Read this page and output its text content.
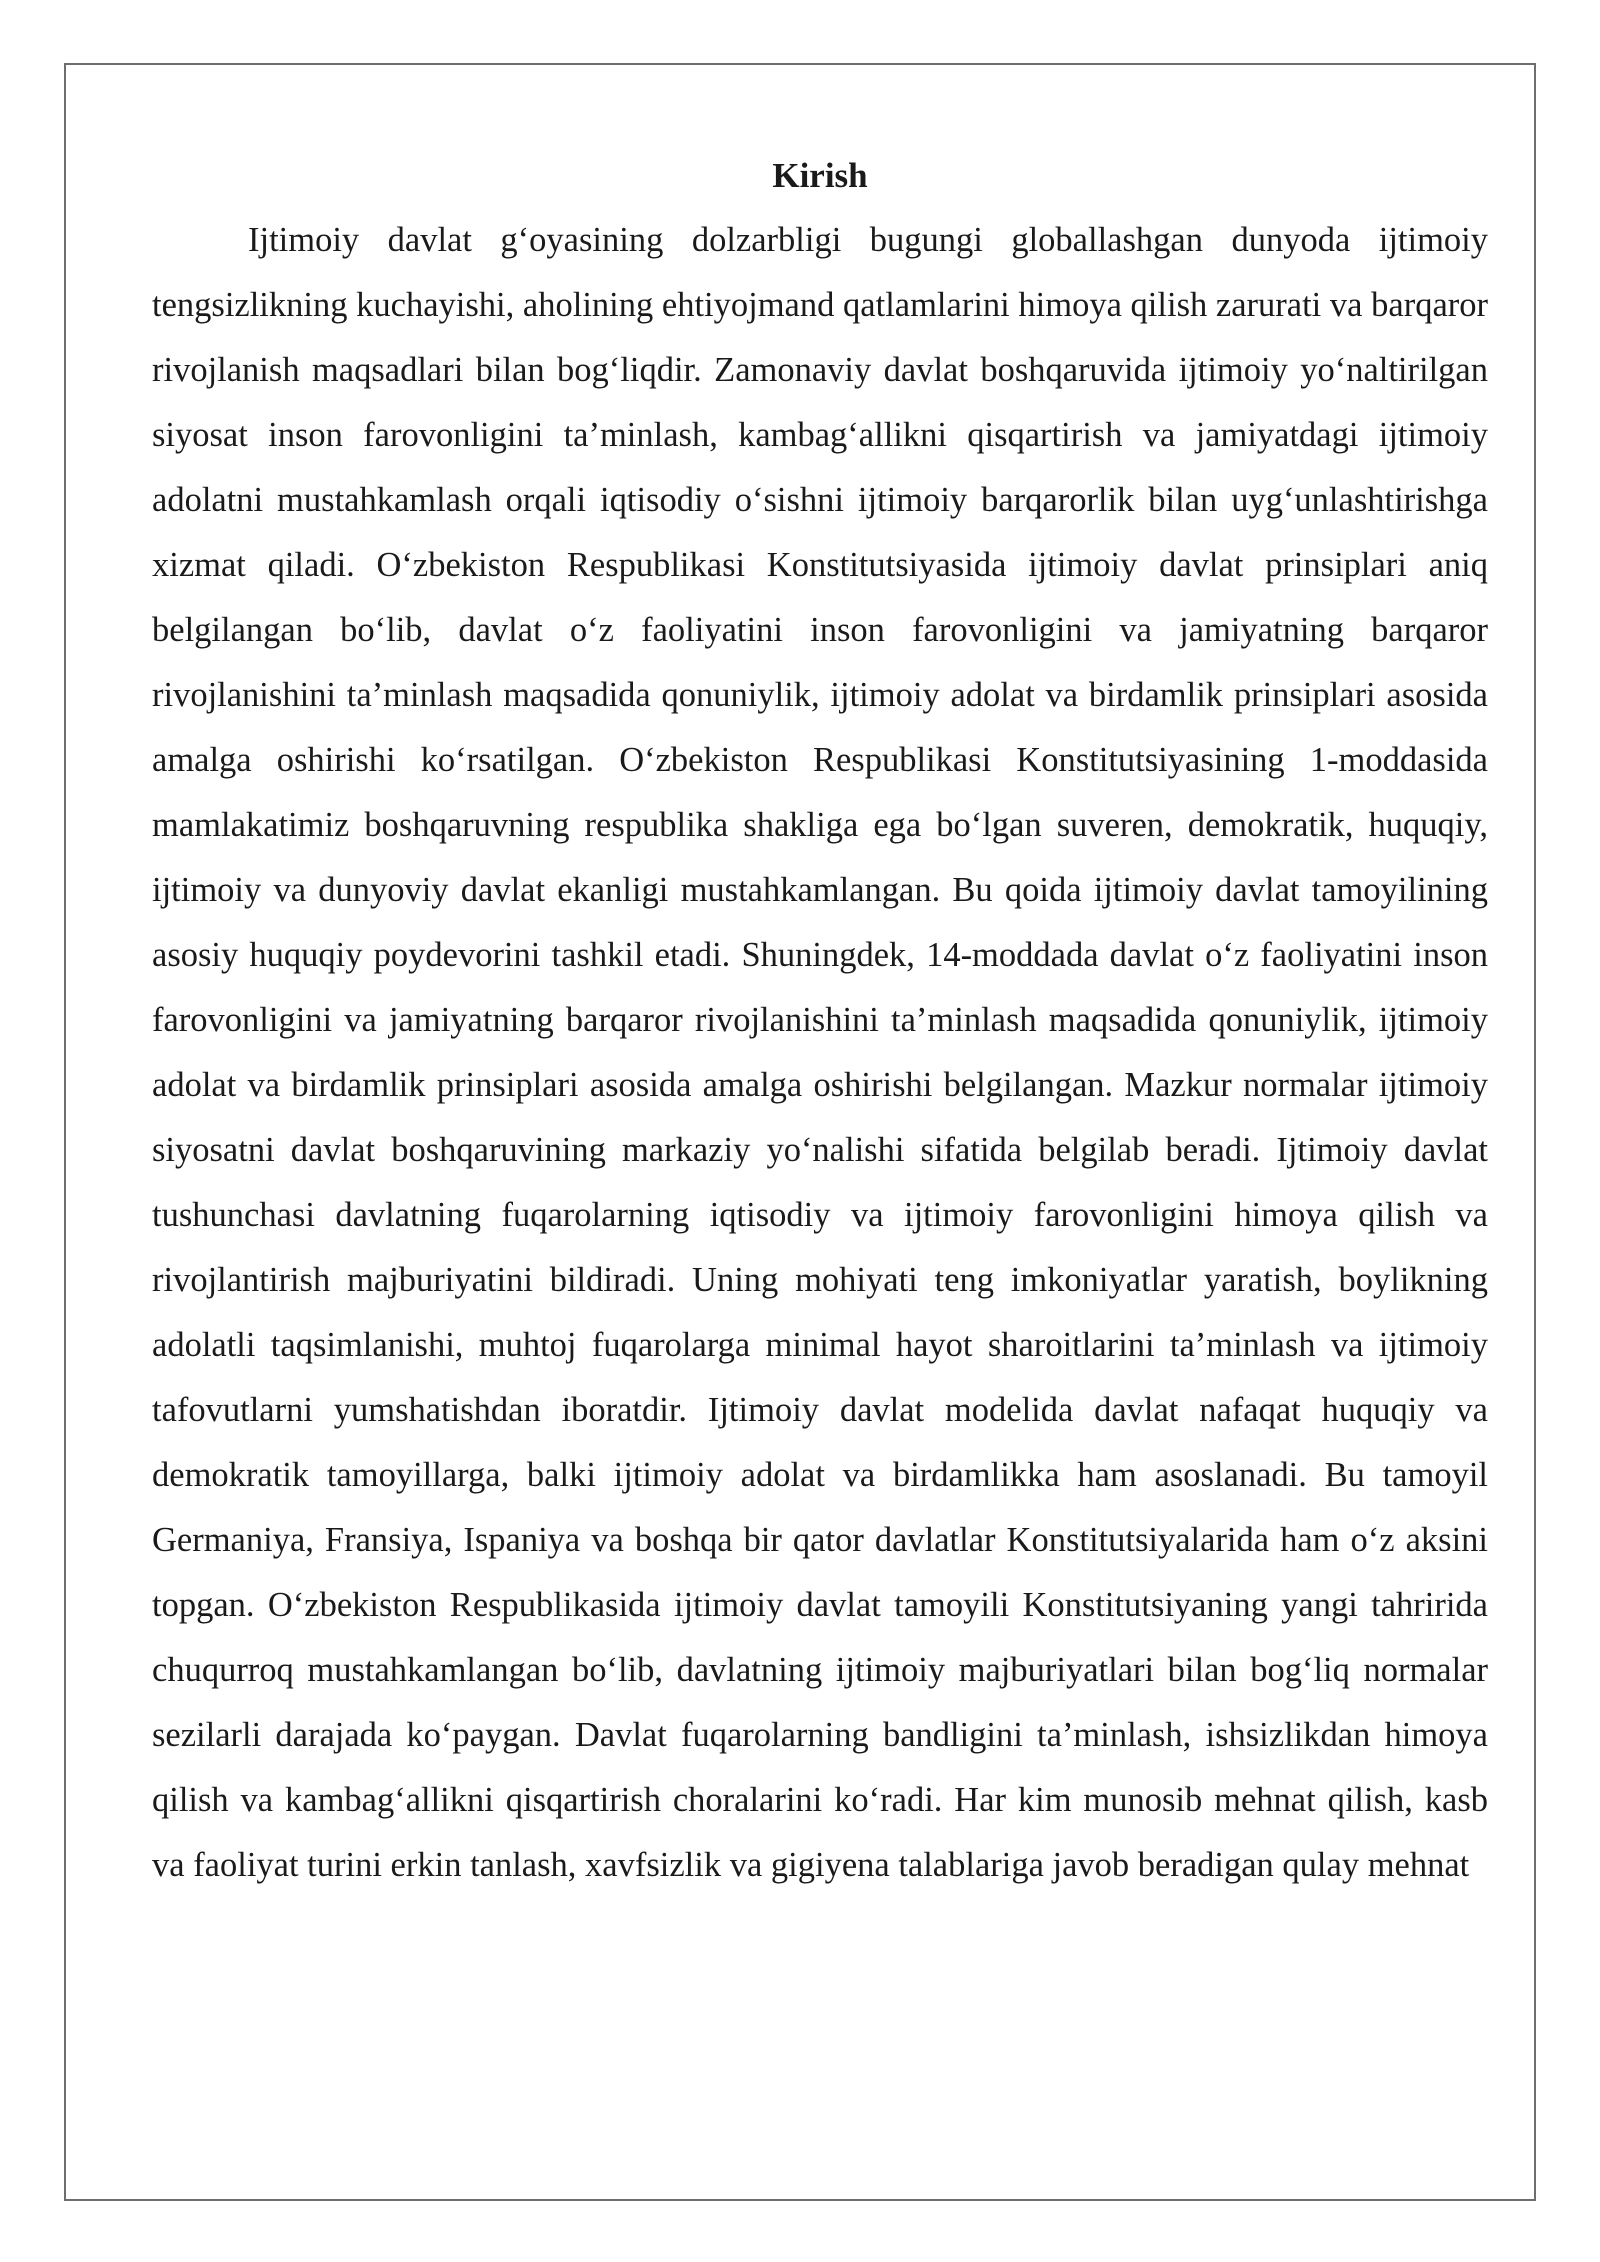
Kirish

Ijtimoiy davlat g‘oyasining dolzarbligi bugungi globallashgan dunyoda ijtimoiy tengsizlikning kuchayishi, aholining ehtiyojmand qatlamlarini himoya qilish zarurati va barqaror rivojlanish maqsadlari bilan bog‘liqdir. Zamonaviy davlat boshqaruvida ijtimoiy yo‘naltirilgan siyosat inson farovonligini ta’minlash, kambag‘allikni qisqartirish va jamiyatdagi ijtimoiy adolatni mustahkamlash orqali iqtisodiy o‘sishni ijtimoiy barqarorlik bilan uyg‘unlashtirishga xizmat qiladi. O‘zbekiston Respublikasi Konstitutsiyasida ijtimoiy davlat prinsiplari aniq belgilangan bo‘lib, davlat o‘z faoliyatini inson farovonligini va jamiyatning barqaror rivojlanishini ta’minlash maqsadida qonuniylik, ijtimoiy adolat va birdamlik prinsiplari asosida amalga oshirishi ko‘rsatilgan. O‘zbekiston Respublikasi Konstitutsiyasining 1-moddasida mamlakatimiz boshqaruvning respublika shakliga ega bo‘lgan suveren, demokratik, huquqiy, ijtimoiy va dunyoviy davlat ekanligi mustahkamlangan. Bu qoida ijtimoiy davlat tamoyilining asosiy huquqiy poydevorini tashkil etadi. Shuningdek, 14-moddada davlat o‘z faoliyatini inson farovonligini va jamiyatning barqaror rivojlanishini ta’minlash maqsadida qonuniylik, ijtimoiy adolat va birdamlik prinsiplari asosida amalga oshirishi belgilangan. Mazkur normalar ijtimoiy siyosatni davlat boshqaruvining markaziy yo‘nalishi sifatida belgilab beradi. Ijtimoiy davlat tushunchasi davlatning fuqarolarning iqtisodiy va ijtimoiy farovonligini himoya qilish va rivojlantirish majburiyatini bildiradi. Uning mohiyati teng imkoniyatlar yaratish, boylikning adolatli taqsimlanishi, muhtoj fuqarolarga minimal hayot sharoitlarini ta’minlash va ijtimoiy tafovutlarni yumshatishdan iboratdir. Ijtimoiy davlat modelida davlat nafaqat huquqiy va demokratik tamoyillarga, balki ijtimoiy adolat va birdamlikka ham asoslanadi. Bu tamoyil Germaniya, Fransiya, Ispaniya va boshqa bir qator davlatlar Konstitutsiyalarida ham o‘z aksini topgan. O‘zbekiston Respublikasida ijtimoiy davlat tamoyili Konstitutsiyaning yangi tahririda chuqurroq mustahkamlangan bo‘lib, davlatning ijtimoiy majburiyatlari bilan bog‘liq normalar sezilarli darajada ko‘paygan. Davlat fuqarolarning bandligini ta’minlash, ishsizlikdan himoya qilish va kambag‘allikni qisqartirish choralarini ko‘radi. Har kim munosib mehnat qilish, kasb va faoliyat turini erkin tanlash, xavfsizlik va gigiyena talablariga javob beradigan qulay mehnat
